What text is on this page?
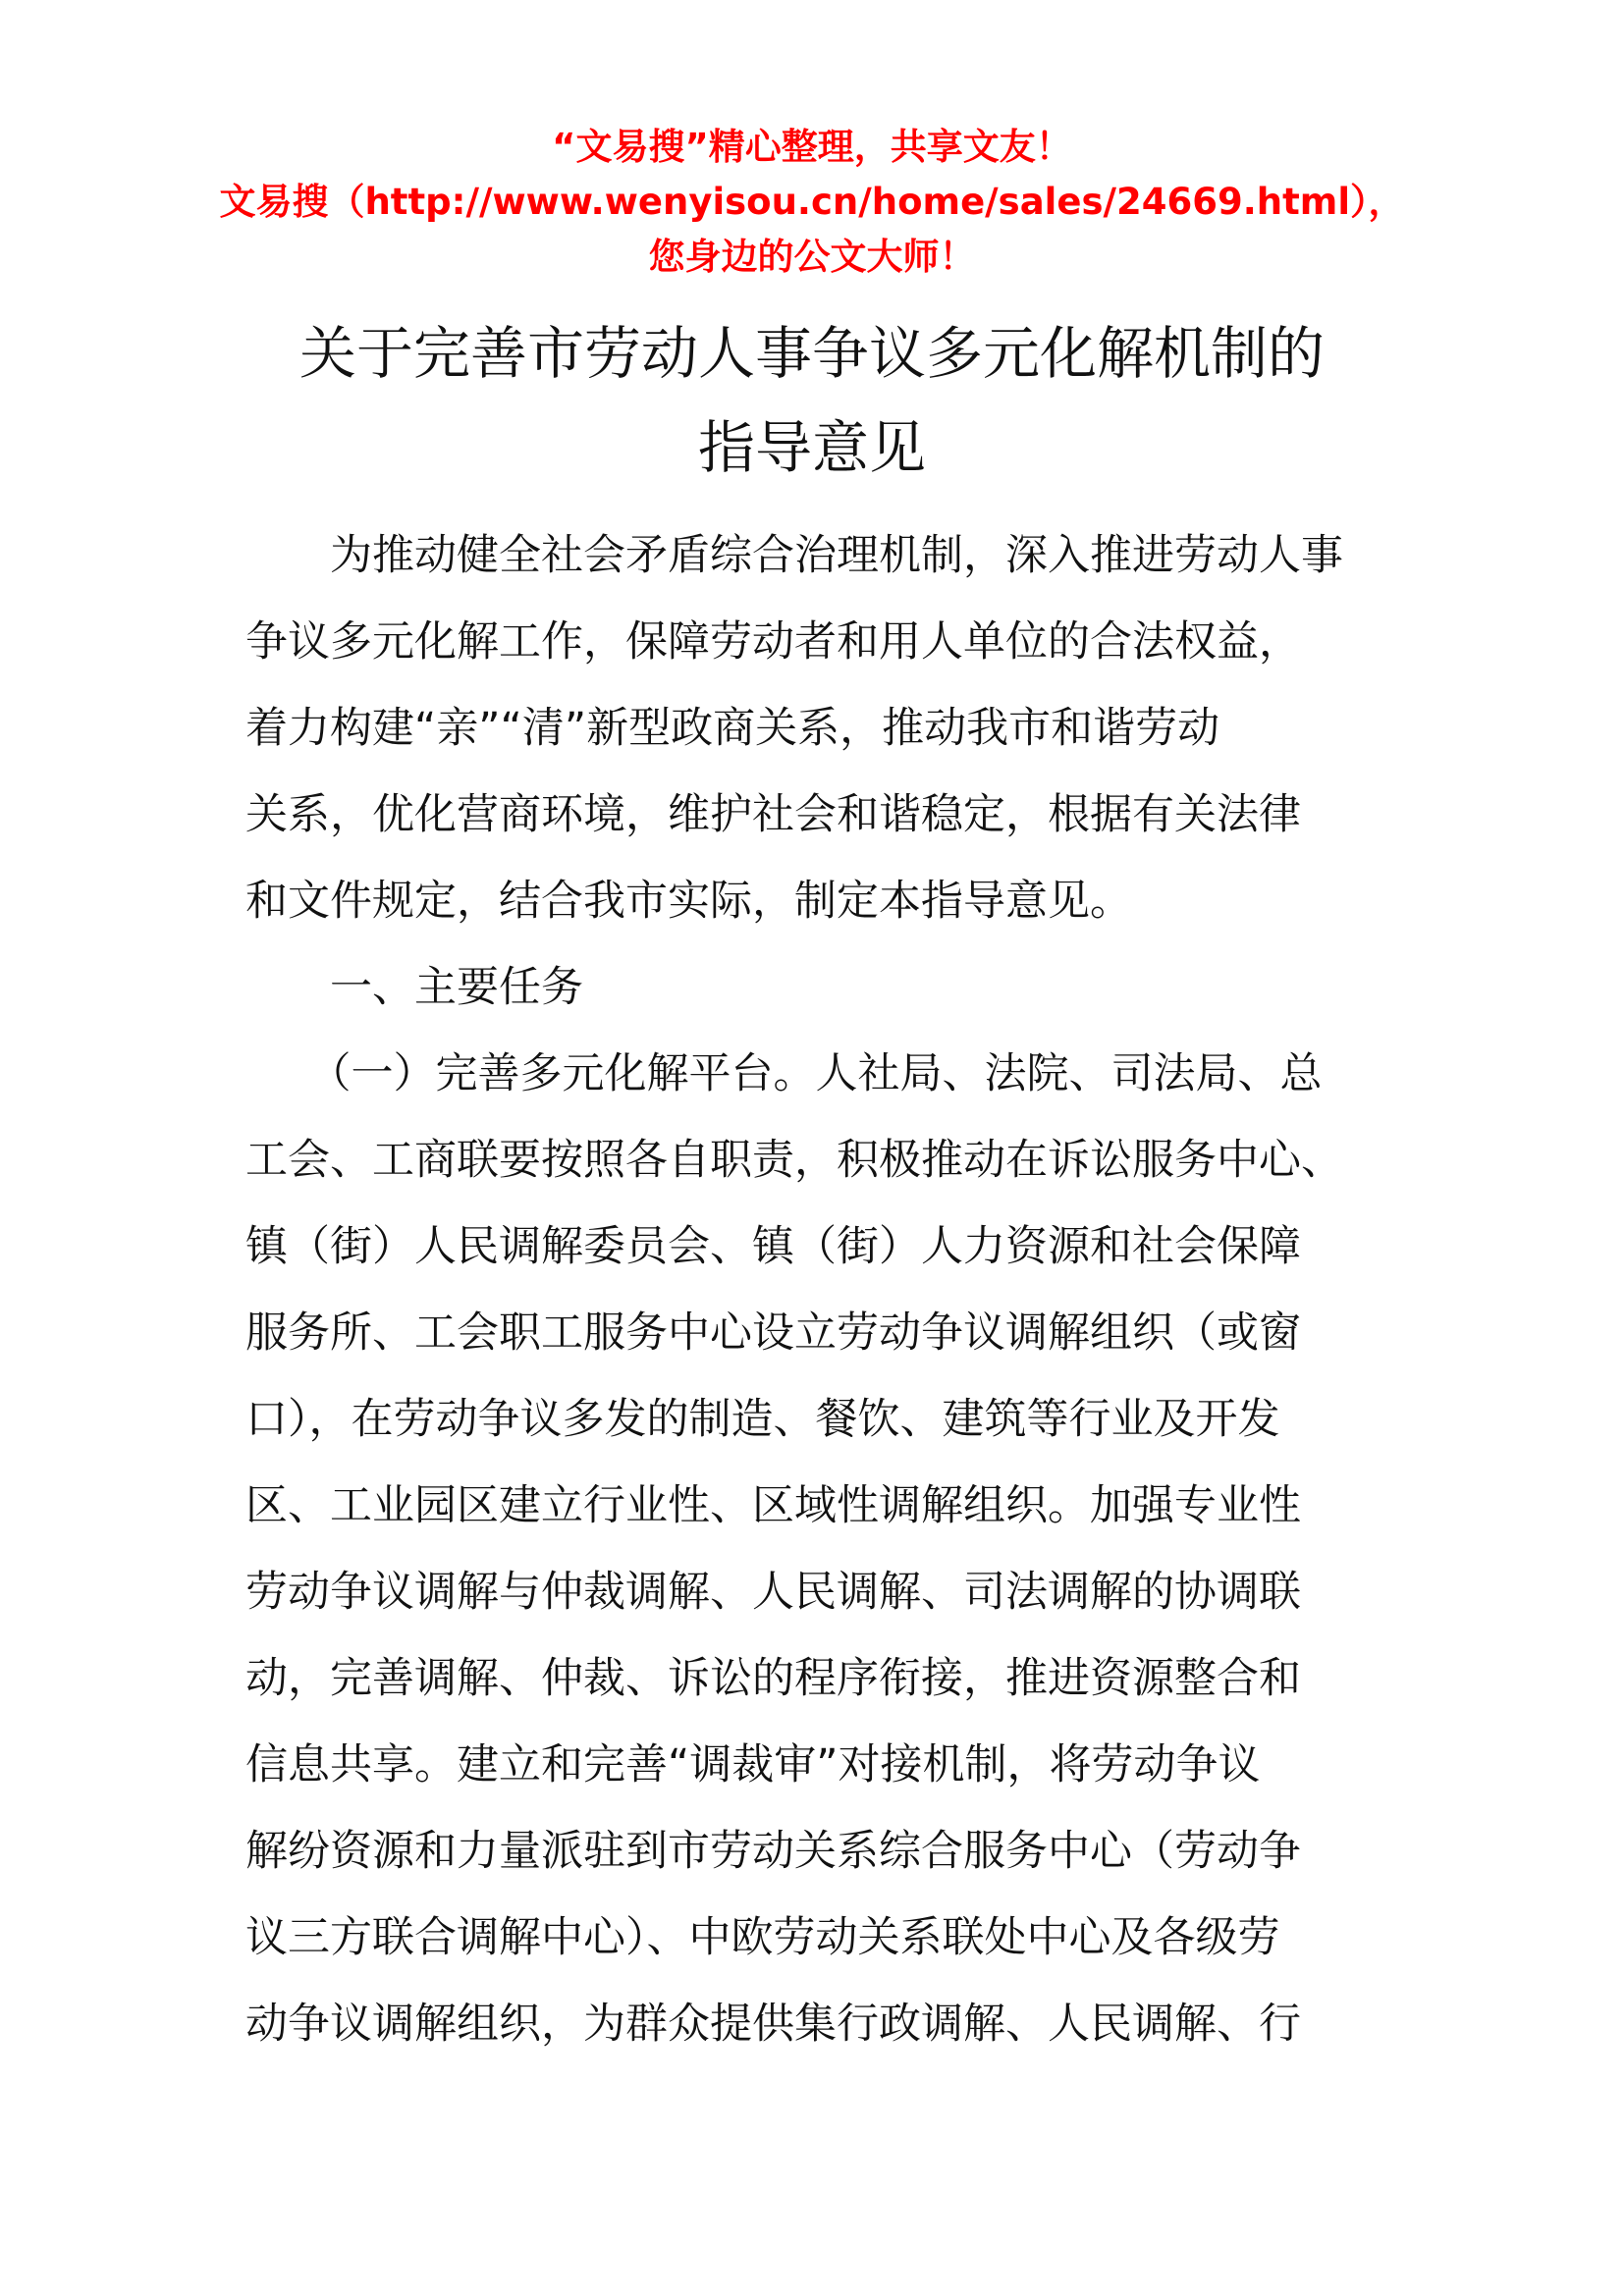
“文易搜”精心整理，共享文友！
文易搜（http://www.wenyisou.cn/home/sales/24669.html），
您身边的公文大师！
关于完善市劳动人事争议多元化解机制的
指导意见
　　为推动健全社会矛盾综合治理机制，深入推进劳动人事
争议多元化解工作，保障劳动者和用人单位的合法权益，
着力构建“亲”“清”新型政商关系，推动我市和谐劳动
关系，优化营商环境，维护社会和谐稳定，根据有关法律
和文件规定，结合我市实际，制定本指导意见。
　　一、主要任务
　　（一）完善多元化解平台。人社局、法院、司法局、总
工会、工商联要按照各自职责，积极推动在诉讼服务中心、
镇（街）人民调解委员会、镇（街）人力资源和社会保障
服务所、工会职工服务中心设立劳动争议调解组织（或窗
口），在劳动争议多发的制造、餐饮、建筑等行业及开发
区、工业园区建立行业性、区域性调解组织。加强专业性
劳动争议调解与仲裁调解、人民调解、司法调解的协调联
动，完善调解、仲裁、诉讼的程序衔接，推进资源整合和
信息共享。建立和完善“调裁审”对接机制，将劳动争议
解纷资源和力量派驻到市劳动关系综合服务中心（劳动争
议三方联合调解中心）、中欧劳动关系联处中心及各级劳
动争议调解组织，为群众提供集行政调解、人民调解、行
